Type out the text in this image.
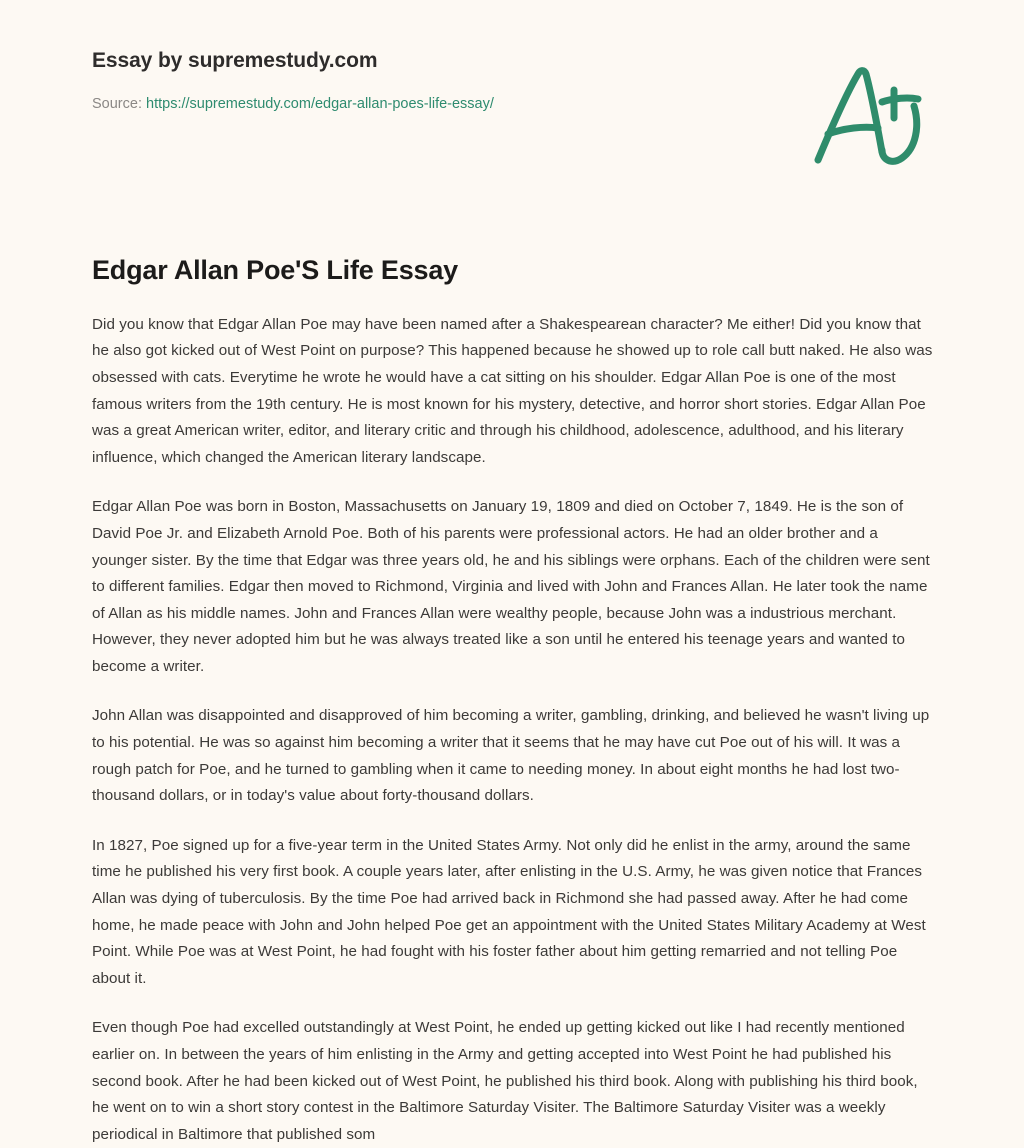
Essay by supremestudy.com
Source: https://supremestudy.com/edgar-allan-poes-life-essay/
Edgar Allan Poe'S Life Essay

Did you know that Edgar Allan Poe may have been named after a Shakespearean character? Me either! Did you know that he also got kicked out of West Point on purpose? This happened because he showed up to role call butt naked. He also was obsessed with cats. Everytime he wrote he would have a cat sitting on his shoulder. Edgar Allan Poe is one of the most famous writers from the 19th century. He is most known for his mystery, detective, and horror short stories. Edgar Allan Poe was a great American writer, editor, and literary critic and through his childhood, adolescence, adulthood, and his literary influence, which changed the American literary landscape.

Edgar Allan Poe was born in Boston, Massachusetts on January 19, 1809 and died on October 7, 1849. He is the son of David Poe Jr. and Elizabeth Arnold Poe. Both of his parents were professional actors. He had an older brother and a younger sister. By the time that Edgar was three years old, he and his siblings were orphans. Each of the children were sent to different families. Edgar then moved to Richmond, Virginia and lived with John and Frances Allan. He later took the name of Allan as his middle names. John and Frances Allan were wealthy people, because John was a industrious merchant. However, they never adopted him but he was always treated like a son until he entered his teenage years and wanted to become a writer.

John Allan was disappointed and disapproved of him becoming a writer, gambling, drinking, and believed he wasn't living up to his potential. He was so against him becoming a writer that it seems that he may have cut Poe out of his will. It was a rough patch for Poe, and he turned to gambling when it came to needing money. In about eight months he had lost two-thousand dollars, or in today's value about forty-thousand dollars.

In 1827, Poe signed up for a five-year term in the United States Army. Not only did he enlist in the army, around the same time he published his very first book. A couple years later, after enlisting in the U.S. Army, he was given notice that Frances Allan was dying of tuberculosis. By the time Poe had arrived back in Richmond she had passed away. After he had come home, he made peace with John and John helped Poe get an appointment with the United States Military Academy at West Point. While Poe was at West Point, he had fought with his foster father about him getting remarried and not telling Poe about it.

Even though Poe had excelled outstandingly at West Point, he ended up getting kicked out like I had recently mentioned earlier on. In between the years of him enlisting in the Army and getting accepted into West Point he had published his second book. After he had been kicked out of West Point, he published his third book. Along with publishing his third book, he went on to win a short story contest in the Baltimore Saturday Visiter. The Baltimore Saturday Visiter was a weekly periodical in Baltimore that published som
